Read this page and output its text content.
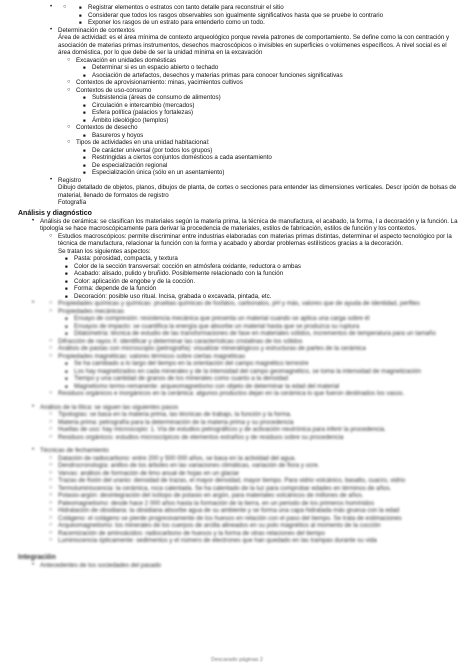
■ ○ • Registrar elementos o estratos con tanto detalle para reconstruir el sitio
■ Considerar que todos los rasgos observables son igualmente significativos hasta que se pruebe lo contrario
■ Exponer los rasgos de un estrato para entenderlo como un todo.
• Determinación de contextos
Área de actividad: es el área mínima de contexto arqueológico porque revela patrones de comportamiento. Se define como la con centración y asociación de materias primas instrumentos, desechos macroscópicos o invisibles en superficies o volúmenes específicos. A nivel social es el área doméstica, por lo que debe de ser la unidad mínima en la excavación
○ Excavación en unidades domésticas
■ Determinar si es un espacio abierto o techado
■ Asociación de artefactos, desechos y materias primas para conocer funciones significativas
○ Contextos de aprovisionamiento: minas, yacimientos cultivos
○ Contextos de uso-consumo
■ Subsistencia (áreas de consumo de alimentos)
■ Circulación e intercambio (mercados)
■ Esfera política (palacios y fortalezas)
■ Ámbito ideológico (templos)
○ Contextos de desecho
■ Basureros y hoyos
○ Tipos de actividades en una unidad habitacional:
■ De carácter universal (por todos los grupos)
■ Restringidas a ciertos conjuntos domésticos a cada asentamiento
■ De especialización regional
■ Especialización única (sólo en un asentamiento)
• Registro
Dibujo detallado de objetos, planos, dibujos de planta, de cortes o secciones para entender las dimensiones verticales. Descr ipción de bolsas de material, llenado de formatos de registro
Fotografía
Análisis y diagnóstico
• Análisis de cerámica: se clasifican los materiales según la materia prima, la técnica de manufactura, el acabado, la forma, l a decoración y la función. La tipología se hace macroscópicamente para derivar la procedencia de materiales, estilos de fabricación, estilos de función y los contextos.
○ Estudios macroscópicos: permite discriminar entre industrias elaboradas con materias primas distintas, determinar el aspecto tecnológico por la técnica de manufactura, relacionar la función con la forma y acabado y abordar problemas estilísticos gracias a la decoración.
Se tratan los siguientes aspectos:
■ Pasta: porosidad, compacta, y textura
■ Color de la sección transversal: cocción en atmósfera oxidante, reductora o ambas
■ Acabado: alisado, pulido y bruñido. Posiblemente relacionado con la función
■ Color: aplicación de engobe y de la cocción.
■ Forma: depende de la función
■ Decoración: posible uso ritual. Incisa, grabada o excavada, pintada, etc.
○ • Propiedades químicas y químicas: pruebas químicas de fosfatos, carbonatos, pH y más, valores que de ayuda de identidad, perfiles
○ Propiedades mecánicas
■ Ensayo de compresión: resistencia mecánica que presenta un material cuando se aplica una carga sobre él
■ Ensayos de impacto: se cuantifica la energía que absorbe un material hasta que se produzca su ruptura
■ Dilatometría: técnica de estudio de las transformaciones de fase en materiales sólidos, incrementos de temperatura para un tamaño
○ Difracción de rayos X: identificar y determinar las características cristalinas de los sólidos
○ Análisis de pastas con microscopio (petrografía): visualizar mineralógicos y estructuras de partes de la cerámica
○ Propiedades magnéticas: valores térmicos sobre ciertas magnéticas
■ Se ha cambiado a lo largo del tiempo en la orientación del campo magnético terrestre
■ Los hay magnetizados en cada minerales y de la intensidad del campo geomagnético, se toma la intensidad de magnetización
■ Tiempo y una cantidad de granos de los minerales como cuanto a la densidad
■ Magnetismo termo-remanente: arqueomagnetismo con objeto de determinar la edad del material
○ Residuos orgánicos e inorgánicos en la cerámica: algunos productos dejan en la cerámica lo que fueron destinados los vasos.
• Análisis de la lítica: se siguen las siguientes pasos
○ Tipologías: se basa en la materia prima, las técnicas de trabajo, la función y la forma.
○ Materia prima: petrografía para la determinación de la materia prima y su procedencia
○ Huellas de uso: hay microscopio: 1. Vía de estudios petrográficos y de activación neutrónica para inferir la procedencia.
○ Residuos orgánicos: estudios microscópicos de elementos extraños y de residuos sobre su procedencia
• Técnicas de fechamiento
○ Datación de radiocarbono: entre 200 y 500 000 años, se basa en la actividad del agua.
○ Dendrocronología: anillos de los árboles en las variaciones climáticas, variación de flora y ocre.
○ Varvas: análisis de formación de limo anual de hojas en un glaciar
○ Trazas de fisión del uranio: densidad de trazas, el mayor densidad, mayor tiempo. Para vidrio volcánico, basalto, cuarzo, vidrio
○ Termoluminiscencia: la cerámica, roca calentada. Se ha calentado de la luz para comprobar edades en términos de años.
○ Potasio-argón: desintegración del isótopo de potasio en argón, para materiales volcánicos de millones de años.
○ Paleomagnetismo: desde hace 2 000 años hasta la formación de la tierra, en un periodo de los primeros homínidos
○ Hidratación de obsidiana: la obsidiana absorbe agua de su ambiente y se forma una capa hidratada más gruesa con la edad
○ Colágeno: el colágeno se pierde progresivamente de los huesos en relación con el paso del tiempo. Se trata de estimaciones
○ Arqueomagnetismo: los minerales de los cuerpos de arcilla alineados en su polo magnético al momento de la cocción
○ Racemización de aminoácidos: radiocarbono de huesos y la forma de otras relaciones del tiempo
○ Luminiscencia ópticamente: sedimentos y el número de electrones que han quedado en las trampas durante su vida
Integración
• Antecedentes de los sociedades del pasado
Descarado páginas 2
